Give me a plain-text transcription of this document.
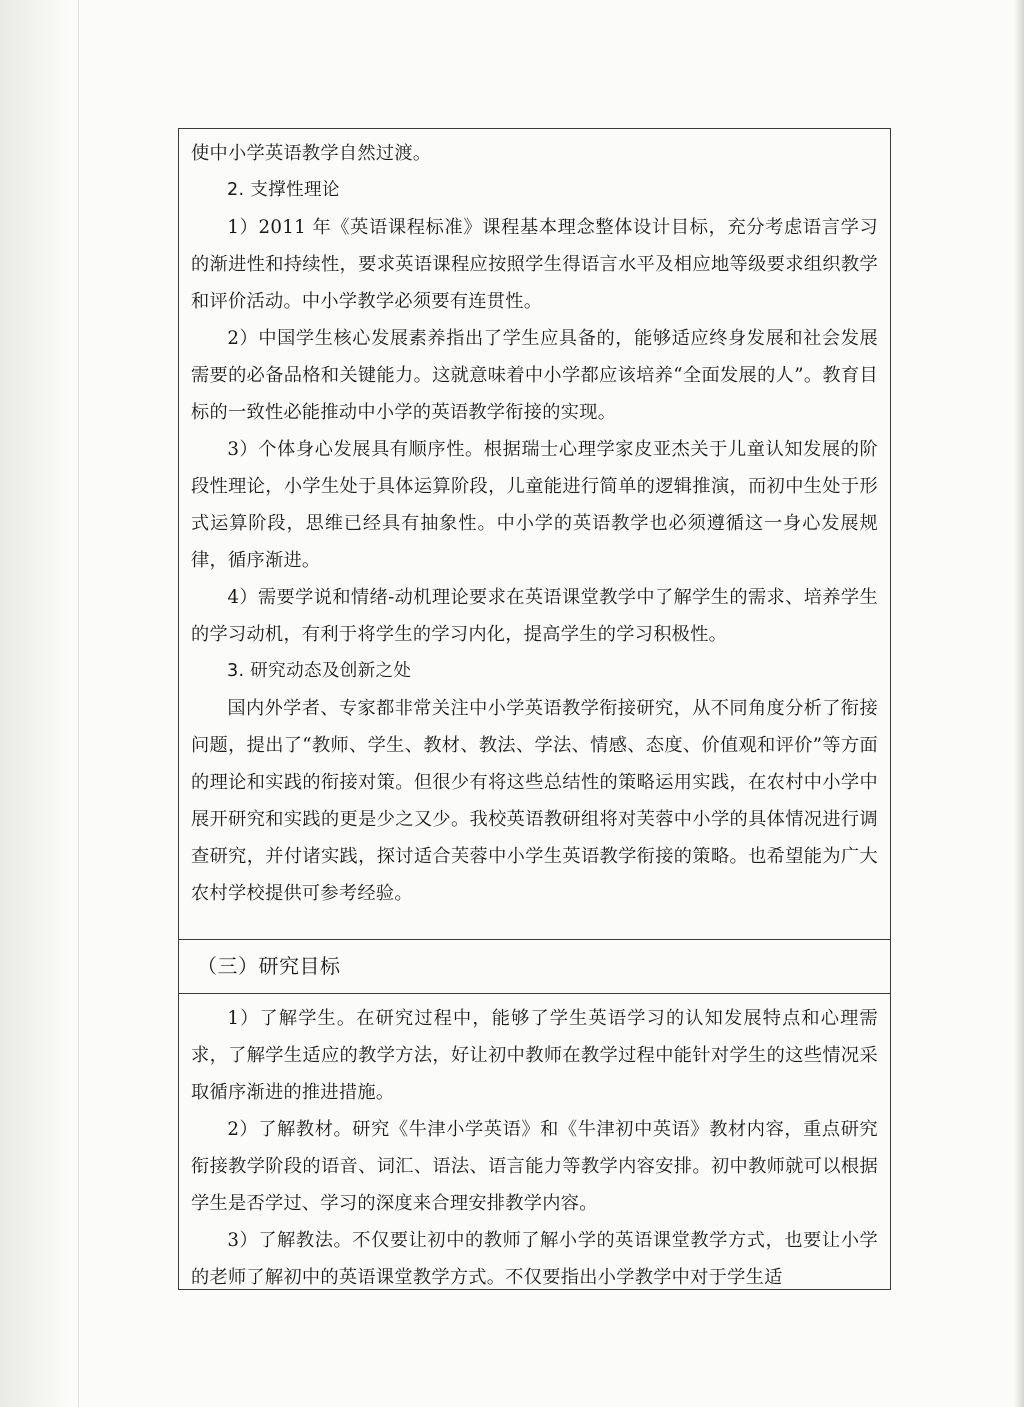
使中小学英语教学自然过渡。

2. 支撑性理论

1）2011 年《英语课程标准》课程基本理念整体设计目标，充分考虑语言学习的渐进性和持续性，要求英语课程应按照学生得语言水平及相应地等级要求组织教学和评价活动。中小学教学必须要有连贯性。

2）中国学生核心发展素养指出了学生应具备的，能够适应终身发展和社会发展需要的必备品格和关键能力。这就意味着中小学都应该培养“全面发展的人”。教育目标的一致性必能推动中小学的英语教学衔接的实现。

3）个体身心发展具有顺序性。根据瑞士心理学家皮亚杰关于儿童认知发展的阶段性理论，小学生处于具体运算阶段，儿童能进行简单的逻辑推演，而初中生处于形式运算阶段，思维已经具有抽象性。中小学的英语教学也必须遵循这一身心发展规律，循序渐进。

4）需要学说和情绪-动机理论要求在英语课堂教学中了解学生的需求、培养学生的学习动机，有利于将学生的学习内化，提高学生的学习积极性。

3. 研究动态及创新之处

国内外学者、专家都非常关注中小学英语教学衔接研究，从不同角度分析了衔接问题，提出了“教师、学生、教材、教法、学法、情感、态度、价值观和评价”等方面的理论和实践的衔接对策。但很少有将这些总结性的策略运用实践，在农村中小学中展开研究和实践的更是少之又少。我校英语教研组将对芙蓉中小学的具体情况进行调查研究，并付诸实践，探讨适合芙蓉中小学生英语教学衔接的策略。也希望能为广大农村学校提供可参考经验。

（三）研究目标

1）了解学生。在研究过程中，能够了学生英语学习的认知发展特点和心理需求，了解学生适应的教学方法，好让初中教师在教学过程中能针对学生的这些情况采取循序渐进的推进措施。

2）了解教材。研究《牛津小学英语》和《牛津初中英语》教材内容，重点研究衔接教学阶段的语音、词汇、语法、语言能力等教学内容安排。初中教师就可以根据学生是否学过、学习的深度来合理安排教学内容。

3）了解教法。不仅要让初中的教师了解小学的英语课堂教学方式，也要让小学的老师了解初中的英语课堂教学方式。不仅要指出小学教学中对于学生适
